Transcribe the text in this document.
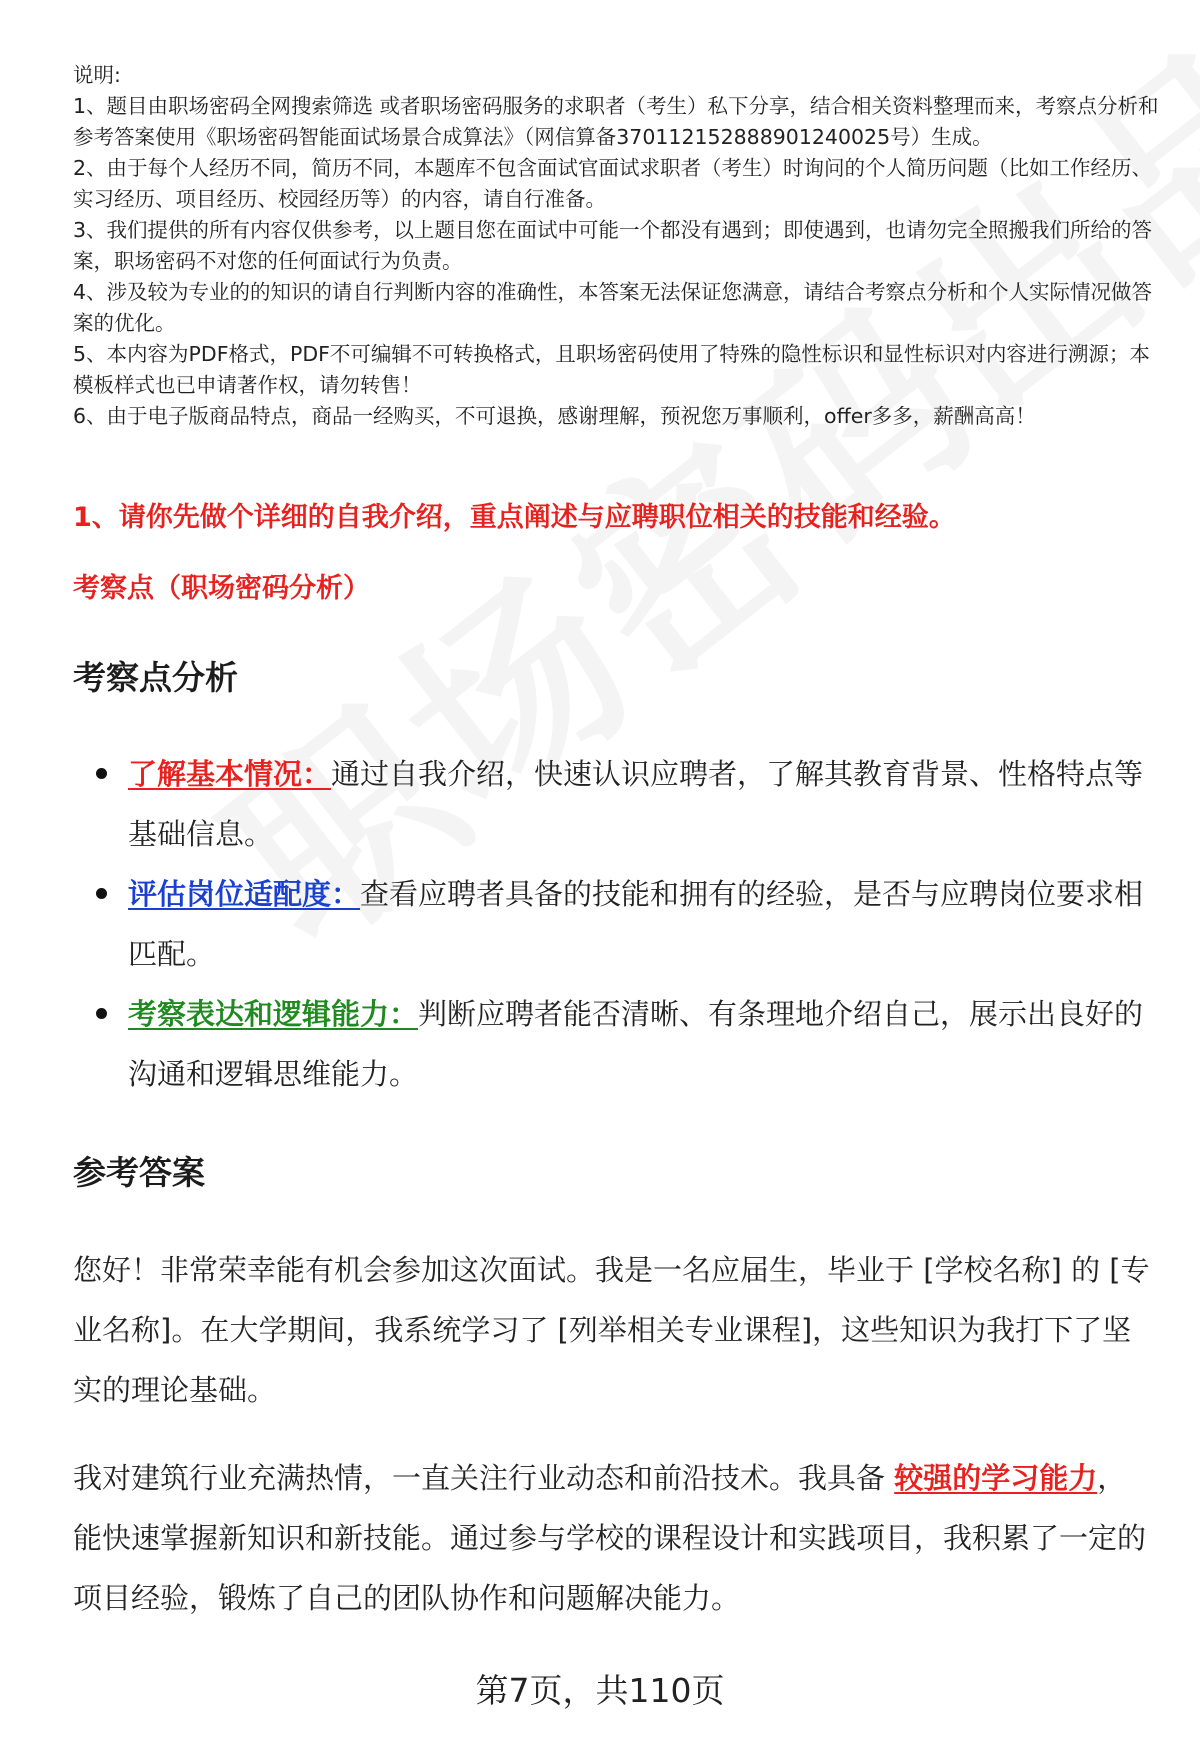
说明:

1、题目由职场密码全网搜索筛选 或者职场密码服务的求职者（考生）私下分享，结合相关资料整理而来，考察点分析和参考答案使用《职场密码智能面试场景合成算法》（网信算备370112152888901240025号）生成。

2、由于每个人经历不同，简历不同，本题库不包含面试官面试求职者（考生）时询问的个人简历问题（比如工作经历、实习经历、项目经历、校园经历等）的内容，请自行准备。

3、我们提供的所有内容仅供参考，以上题目您在面试中可能一个都没有遇到；即使遇到，也请勿完全照搬我们所给的答案，职场密码不对您的任何面试行为负责。

4、涉及较为专业的的知识的请自行判断内容的准确性，本答案无法保证您满意，请结合考察点分析和个人实际情况做答案的优化。

5、本内容为PDF格式，PDF不可编辑不可转换格式，且职场密码使用了特殊的隐性标识和显性标识对内容进行溯源；本模板样式也已申请著作权，请勿转售！

6、由于电子版商品特点，商品一经购买，不可退换，感谢理解，预祝您万事顺利，offer多多，薪酬高高！

1、请你先做个详细的自我介绍，重点阐述与应聘职位相关的技能和经验。
考察点（职场密码分析）
考察点分析
了解基本情况：通过自我介绍，快速认识应聘者，了解其教育背景、性格特点等基础信息。
评估岗位适配度：查看应聘者具备的技能和拥有的经验，是否与应聘岗位要求相匹配。
考察表达和逻辑能力：判断应聘者能否清晰、有条理地介绍自己，展示出良好的沟通和逻辑思维能力。
参考答案

您好！非常荣幸能有机会参加这次面试。我是一名应届生，毕业于 [学校名称] 的 [专业名称]。在大学期间，我系统学习了 [列举相关专业课程]，这些知识为我打下了坚实的理论基础。

我对建筑行业充满热情，一直关注行业动态和前沿技术。我具备 较强的学习能力，能快速掌握新知识和新技能。通过参与学校的课程设计和实践项目，我积累了一定的项目经验，锻炼了自己的团队协作和问题解决能力。

第7页，共110页
